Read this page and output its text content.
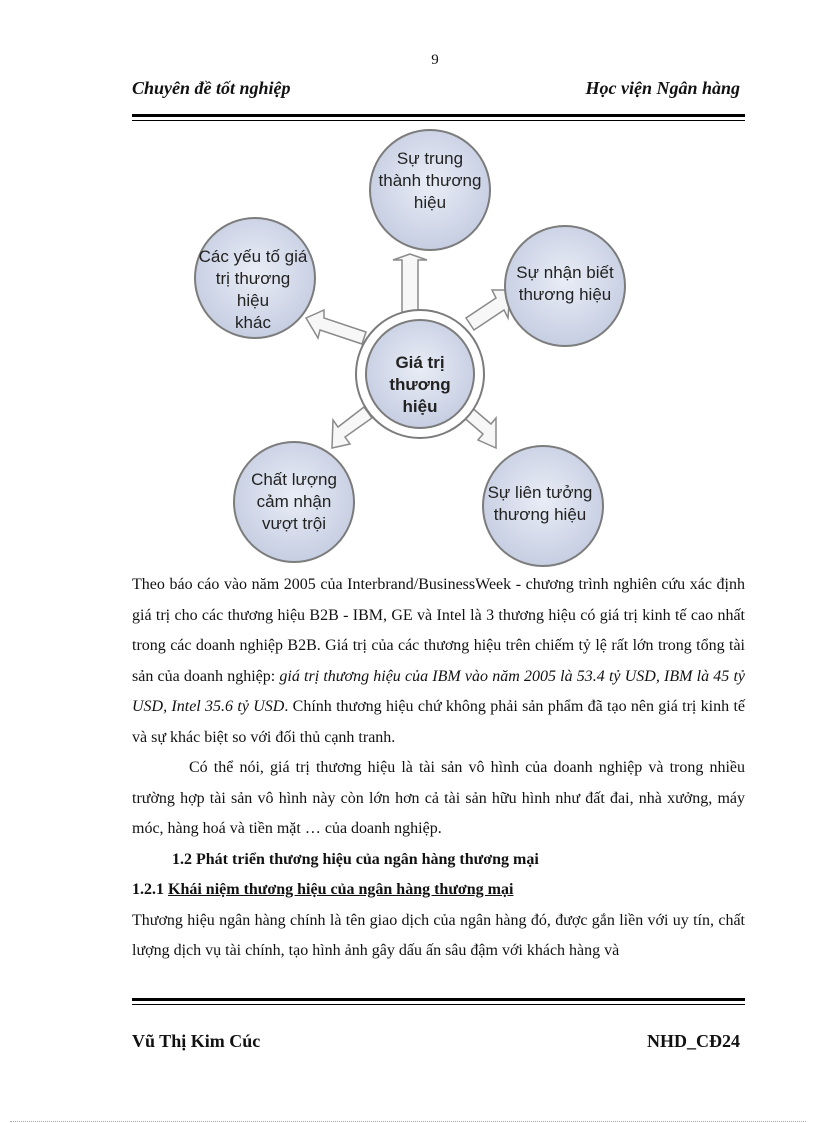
9
Chuyên đề tốt nghiệp	Học viện Ngân hàng
Sự trung
thành thương
hiệu
Sự nhận biết
thương hiệu
Sự liên tưởng
thương hiệu
Chất lượng
cảm nhận
vượt trội
Các yếu tố giá
trị thương hiệu
khác
Giá trị
thương hiệu

Theo báo cáo vào năm 2005 của Interbrand/BusinessWeek - chương trình nghiên cứu xác định giá trị cho các thương hiệu B2B - IBM, GE và Intel là 3 thương hiệu có giá trị kinh tế cao nhất trong các doanh nghiệp B2B. Giá trị của các thương hiệu trên chiếm tỷ lệ rất lớn trong tổng tài sản của doanh nghiệp: giá trị thương hiệu của IBM vào năm 2005 là 53.4 tỷ USD, IBM là 45 tỷ USD, Intel 35.6 tỷ USD. Chính thương hiệu chứ không phải sản phẩm đã tạo nên giá trị kinh tế và sự khác biệt so với đối thủ cạnh tranh.

Có thể nói, giá trị thương hiệu là tài sản vô hình của doanh nghiệp và trong nhiều trường hợp tài sản vô hình này còn lớn hơn cả tài sản hữu hình như đất đai, nhà xưởng, máy móc, hàng hoá và tiền mặt … của doanh nghiệp.

1.2 Phát triển thương hiệu của ngân hàng thương mại

1.2.1 Khái niệm thương hiệu của ngân hàng thương mại

Thương hiệu ngân hàng chính là tên giao dịch của ngân hàng đó, được gắn liền với uy tín, chất lượng dịch vụ tài chính, tạo hình ảnh gây dấu ấn sâu đậm với khách hàng và

Vũ Thị Kim Cúc	NHD_CĐ24
